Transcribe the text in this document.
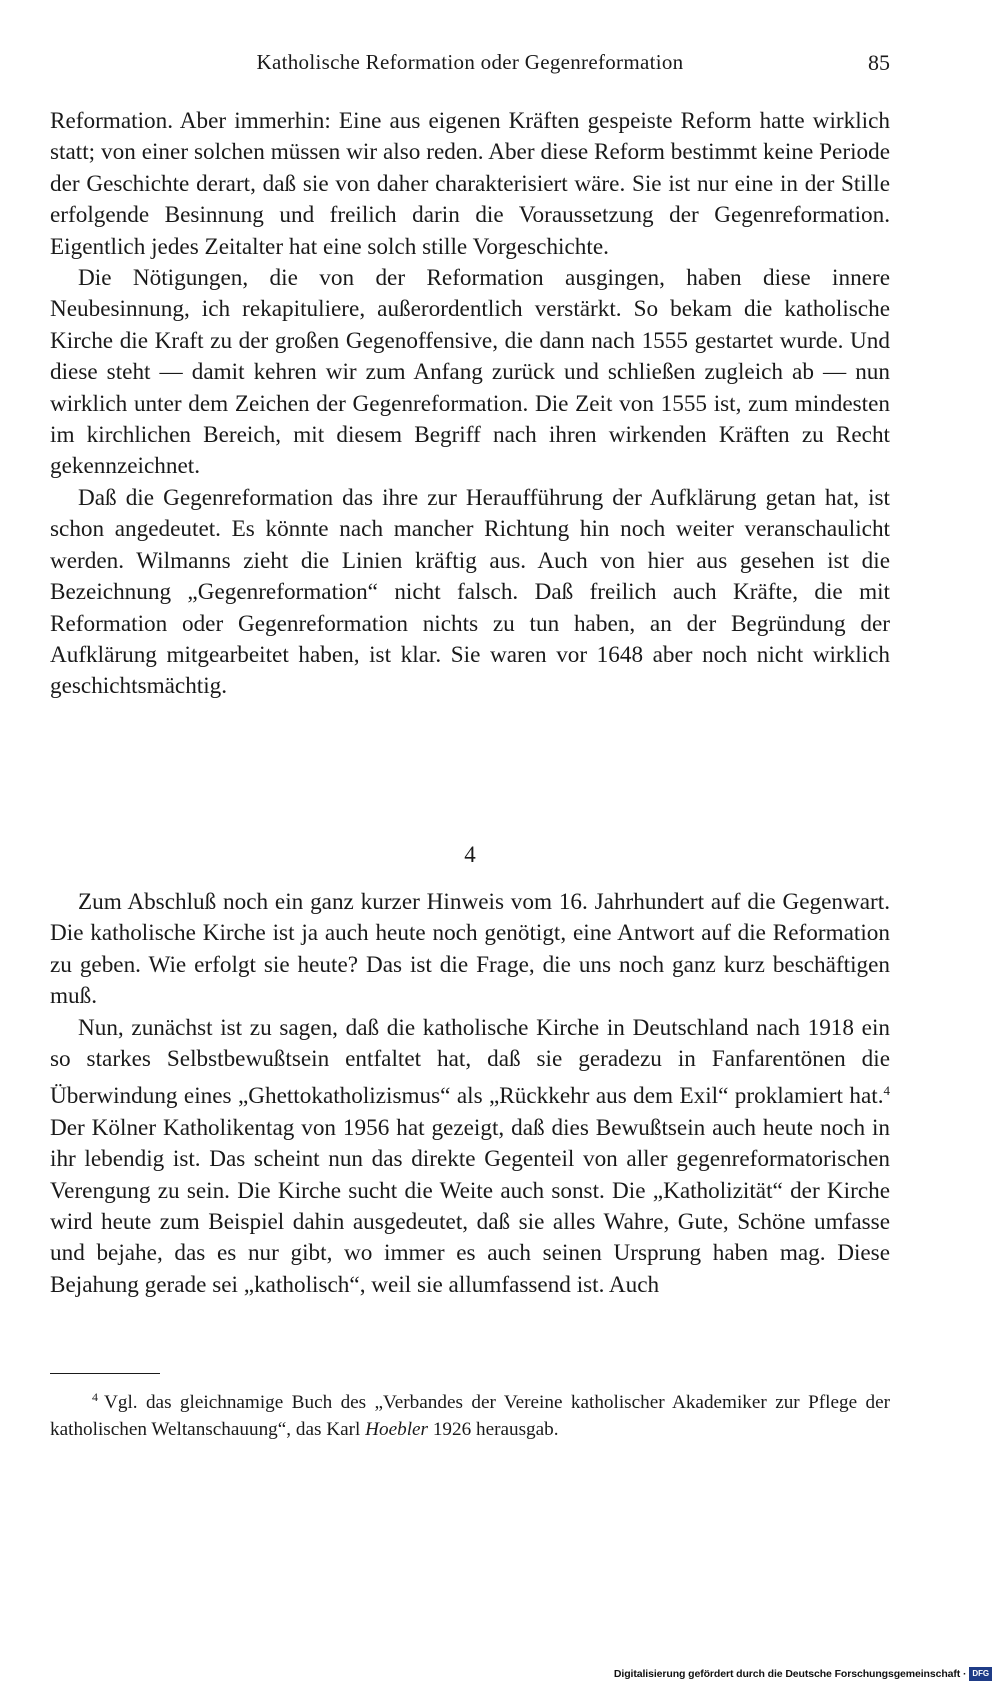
Katholische Reformation oder Gegenreformation	85

Reformation. Aber immerhin: Eine aus eigenen Kräften gespeiste Reform hatte wirklich statt; von einer solchen müssen wir also reden. Aber diese Reform bestimmt keine Periode der Geschichte derart, daß sie von daher charakterisiert wäre. Sie ist nur eine in der Stille erfolgende Besinnung und freilich darin die Voraussetzung der Gegenreformation. Eigentlich jedes Zeitalter hat eine solch stille Vorgeschichte.

Die Nötigungen, die von der Reformation ausgingen, haben diese innere Neubesinnung, ich rekapituliere, außerordentlich verstärkt. So bekam die katholische Kirche die Kraft zu der großen Gegenoffensive, die dann nach 1555 gestartet wurde. Und diese steht — damit kehren wir zum Anfang zurück und schließen zugleich ab — nun wirklich unter dem Zeichen der Gegenreformation. Die Zeit von 1555 ist, zum mindesten im kirchlichen Bereich, mit diesem Begriff nach ihren wirkenden Kräften zu Recht gekennzeichnet.

Daß die Gegenreformation das ihre zur Heraufführung der Aufklärung getan hat, ist schon angedeutet. Es könnte nach mancher Richtung hin noch weiter veranschaulicht werden. Wilmanns zieht die Linien kräftig aus. Auch von hier aus gesehen ist die Bezeichnung „Gegenreformation“ nicht falsch. Daß freilich auch Kräfte, die mit Reformation oder Gegenreformation nichts zu tun haben, an der Begründung der Aufklärung mitgearbeitet haben, ist klar. Sie waren vor 1648 aber noch nicht wirklich geschichtsmächtig.

4

Zum Abschluß noch ein ganz kurzer Hinweis vom 16. Jahrhundert auf die Gegenwart. Die katholische Kirche ist ja auch heute noch genötigt, eine Antwort auf die Reformation zu geben. Wie erfolgt sie heute? Das ist die Frage, die uns noch ganz kurz beschäftigen muß.

Nun, zunächst ist zu sagen, daß die katholische Kirche in Deutschland nach 1918 ein so starkes Selbstbewußtsein entfaltet hat, daß sie geradezu in Fanfarentönen die Überwindung eines „Ghettokatholizismus“ als „Rückkehr aus dem Exil“ proklamiert hat.$^4$ Der Kölner Katholikentag von 1956 hat gezeigt, daß dies Bewußtsein auch heute noch in ihr lebendig ist. Das scheint nun das direkte Gegenteil von aller gegenreformatorischen Verengung zu sein. Die Kirche sucht die Weite auch sonst. Die „Katholizität“ der Kirche wird heute zum Beispiel dahin ausgedeutet, daß sie alles Wahre, Gute, Schöne umfasse und bejahe, das es nur gibt, wo immer es auch seinen Ursprung haben mag. Diese Bejahung gerade sei „katholisch“, weil sie allumfassend ist. Auch

$^4$ Vgl. das gleichnamige Buch des „Verbandes der Vereine katholischer Akademiker zur Pflege der katholischen Weltanschauung“, das Karl Hoebler 1926 herausgab.

Digitalisierung gefördert durch die Deutsche Forschungsgemeinschaft · DFG
